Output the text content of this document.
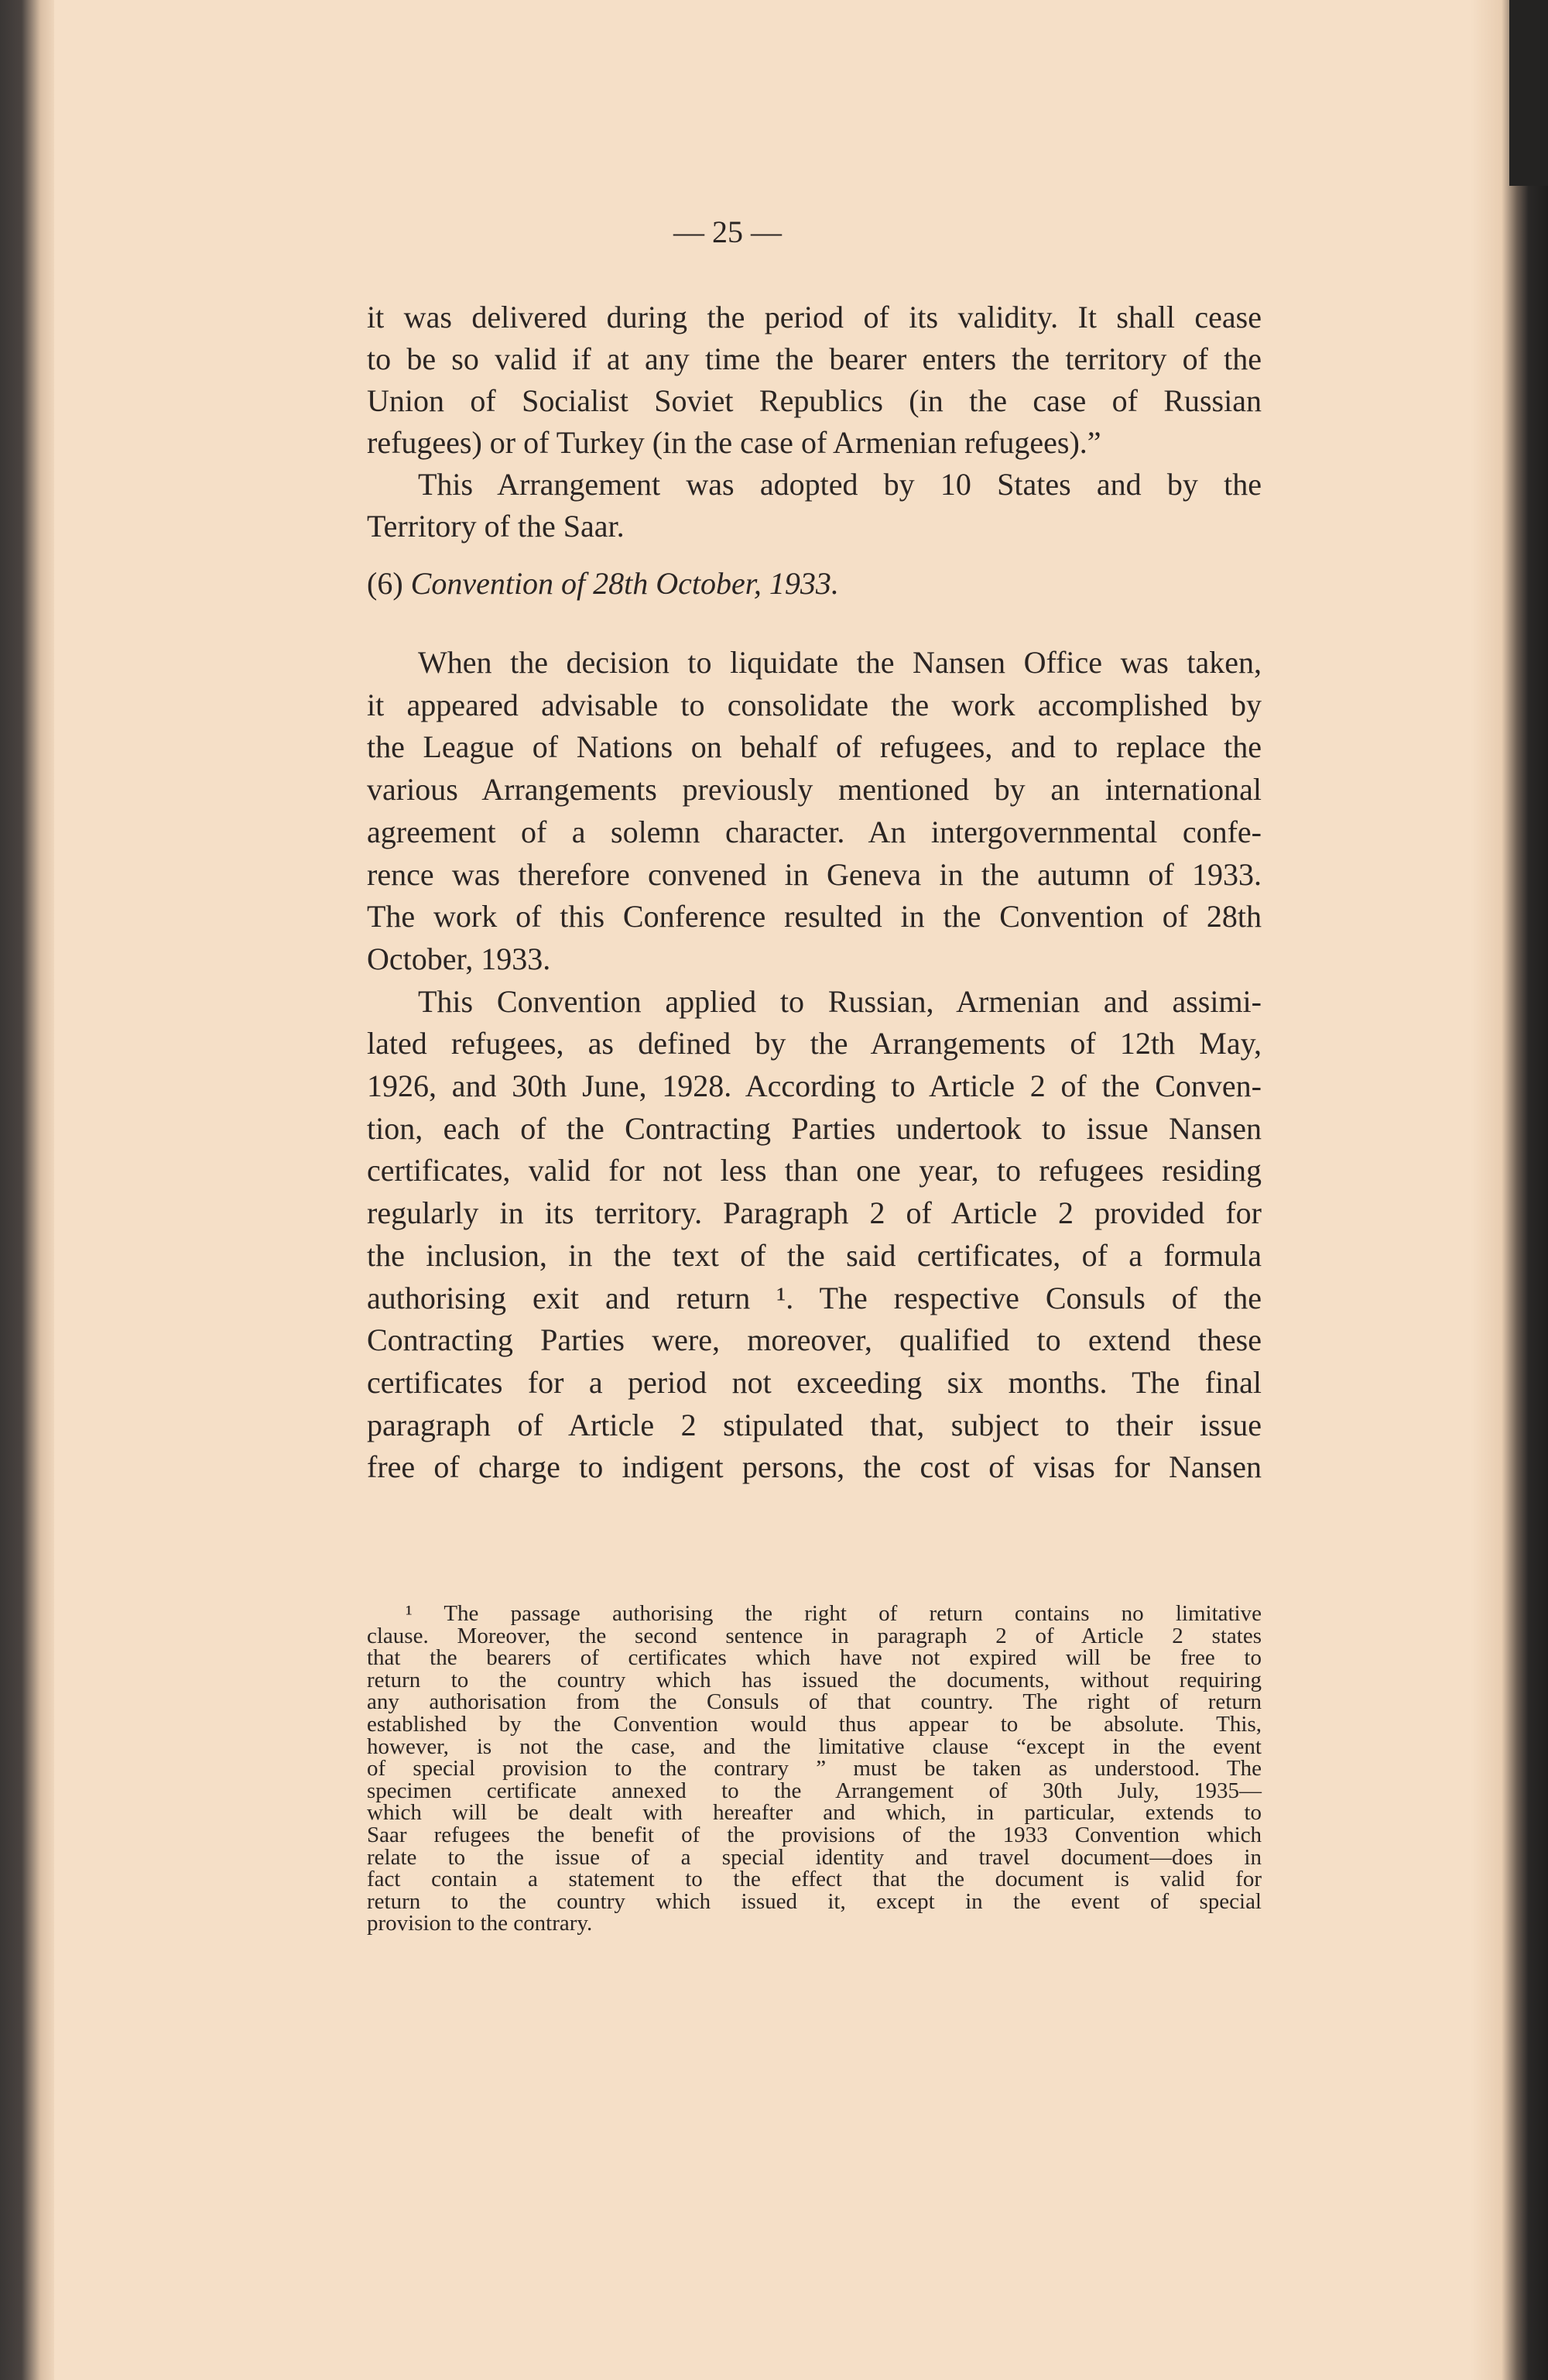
— 25 —
it was delivered during the period of its validity. It shall cease
to be so valid if at any time the bearer enters the territory of the
Union of Socialist Soviet Republics (in the case of Russian
refugees) or of Turkey (in the case of Armenian refugees).”
This Arrangement was adopted by 10 States and by the
Territory of the Saar.
(6) Convention of 28th October, 1933.
When the decision to liquidate the Nansen Office was taken,
it appeared advisable to consolidate the work accomplished by
the League of Nations on behalf of refugees, and to replace the
various Arrangements previously mentioned by an international
agreement of a solemn character. An intergovernmental confe-
rence was therefore convened in Geneva in the autumn of 1933.
The work of this Conference resulted in the Convention of 28th
October, 1933.
This Convention applied to Russian, Armenian and assimi-
lated refugees, as defined by the Arrangements of 12th May,
1926, and 30th June, 1928. According to Article 2 of the Conven-
tion, each of the Contracting Parties undertook to issue Nansen
certificates, valid for not less than one year, to refugees residing
regularly in its territory. Paragraph 2 of Article 2 provided for
the inclusion, in the text of the said certificates, of a formula
authorising exit and return ¹. The respective Consuls of the
Contracting Parties were, moreover, qualified to extend these
certificates for a period not exceeding six months. The final
paragraph of Article 2 stipulated that, subject to their issue
free of charge to indigent persons, the cost of visas for Nansen
¹ The passage authorising the right of return contains no limitative
clause. Moreover, the second sentence in paragraph 2 of Article 2 states
that the bearers of certificates which have not expired will be free to
return to the country which has issued the documents, without requiring
any authorisation from the Consuls of that country. The right of return
established by the Convention would thus appear to be absolute. This,
however, is not the case, and the limitative clause “except in the event
of special provision to the contrary ” must be taken as understood. The
specimen certificate annexed to the Arrangement of 30th July, 1935—
which will be dealt with hereafter and which, in particular, extends to
Saar refugees the benefit of the provisions of the 1933 Convention which
relate to the issue of a special identity and travel document—does in
fact contain a statement to the effect that the document is valid for
return to the country which issued it, except in the event of special
provision to the contrary.
